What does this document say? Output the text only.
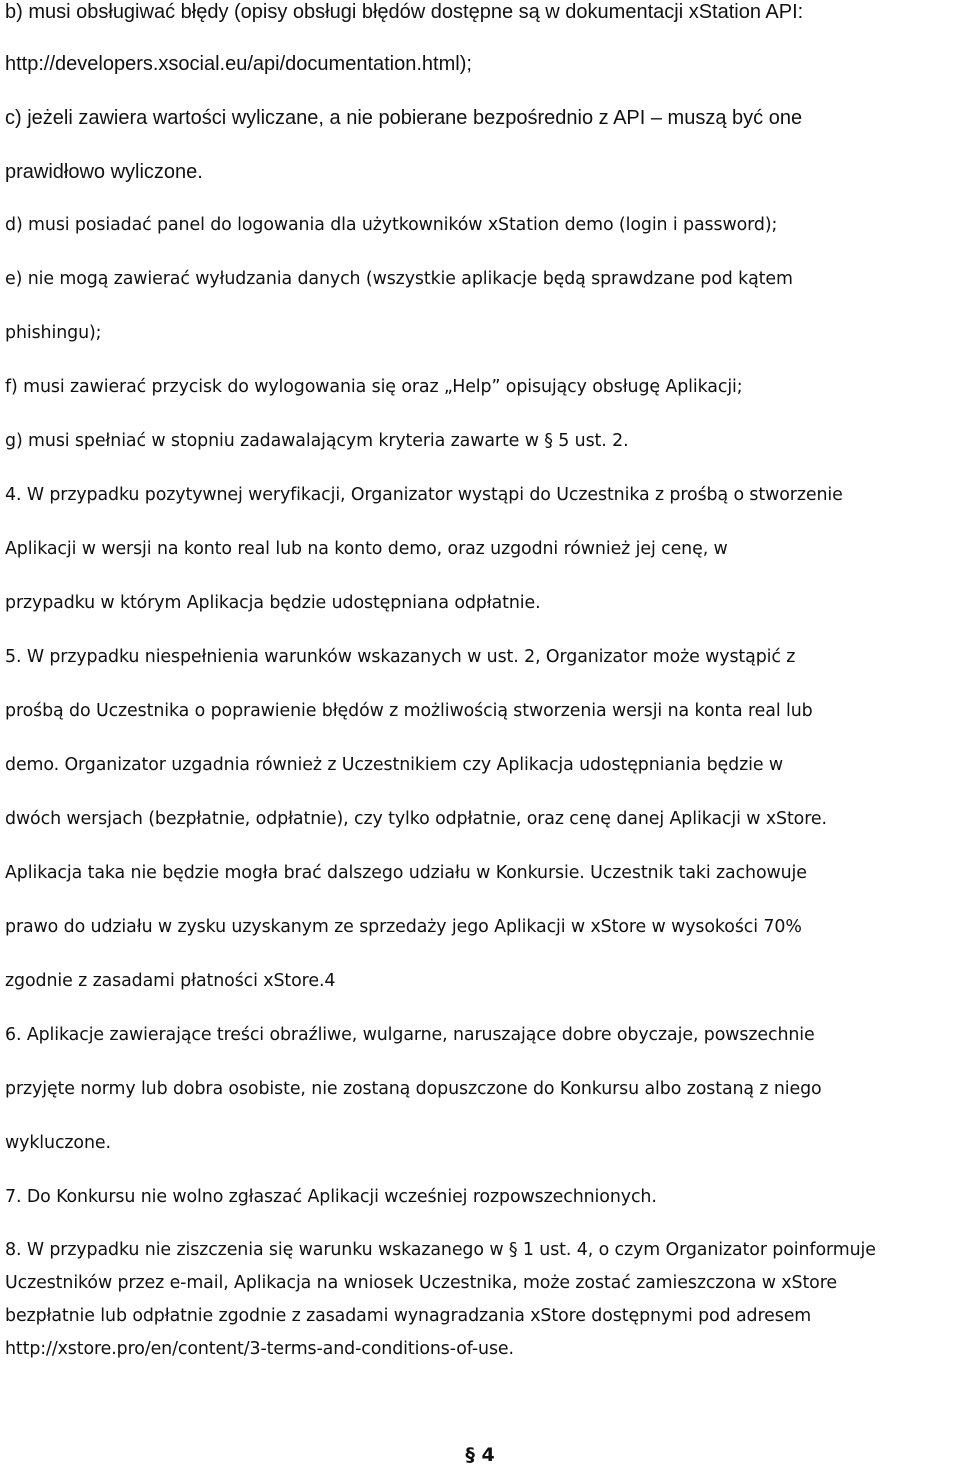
b) musi obsługiwać błędy (opisy obsługi błędów dostępne są w dokumentacji xStation API:
http://developers.xsocial.eu/api/documentation.html);
c) jeżeli zawiera wartości wyliczane, a nie pobierane bezpośrednio z API – muszą być one
prawidłowo wyliczone.
d) musi posiadać panel do logowania dla użytkowników xStation demo (login i password);
e) nie mogą zawierać wyłudzania danych (wszystkie aplikacje będą sprawdzane pod kątem
phishingu);
f) musi zawierać przycisk do wylogowania się oraz „Help” opisujący obsługę Aplikacji;
g) musi spełniać w stopniu zadawalającym kryteria zawarte w § 5 ust. 2.
4. W przypadku pozytywnej weryfikacji, Organizator wystąpi do Uczestnika z prośbą o stworzenie
Aplikacji w wersji na konto real lub na konto demo, oraz uzgodni również jej cenę, w
przypadku w którym Aplikacja będzie udostępniana odpłatnie.
5. W przypadku niespełnienia warunków wskazanych w ust. 2, Organizator może wystąpić z
prośbą do Uczestnika o poprawienie błędów z możliwością stworzenia wersji na konta real lub
demo. Organizator uzgadnia również z Uczestnikiem czy Aplikacja udostępniania będzie w
dwóch wersjach (bezpłatnie, odpłatnie), czy tylko odpłatnie, oraz cenę danej Aplikacji w xStore.
Aplikacja taka nie będzie mogła brać dalszego udziału w Konkursie. Uczestnik taki zachowuje
prawo do udziału w zysku uzyskanym ze sprzedaży jego Aplikacji w xStore w wysokości 70%
zgodnie z zasadami płatności xStore.4
6. Aplikacje zawierające treści obraźliwe, wulgarne, naruszające dobre obyczaje, powszechnie
przyjęte normy lub dobra osobiste, nie zostaną dopuszczone do Konkursu albo zostaną z niego
wykluczone.
7. Do Konkursu nie wolno zgłaszać Aplikacji wcześniej rozpowszechnionych.
8. W przypadku nie ziszczenia się warunku wskazanego w § 1 ust. 4, o czym Organizator poinformuje
Uczestników przez e-mail, Aplikacja na wniosek Uczestnika, może zostać zamieszczona w xStore
bezpłatnie lub odpłatnie zgodnie z zasadami wynagradzania xStore dostępnymi pod adresem
http://xstore.pro/en/content/3-terms-and-conditions-of-use.
§ 4
